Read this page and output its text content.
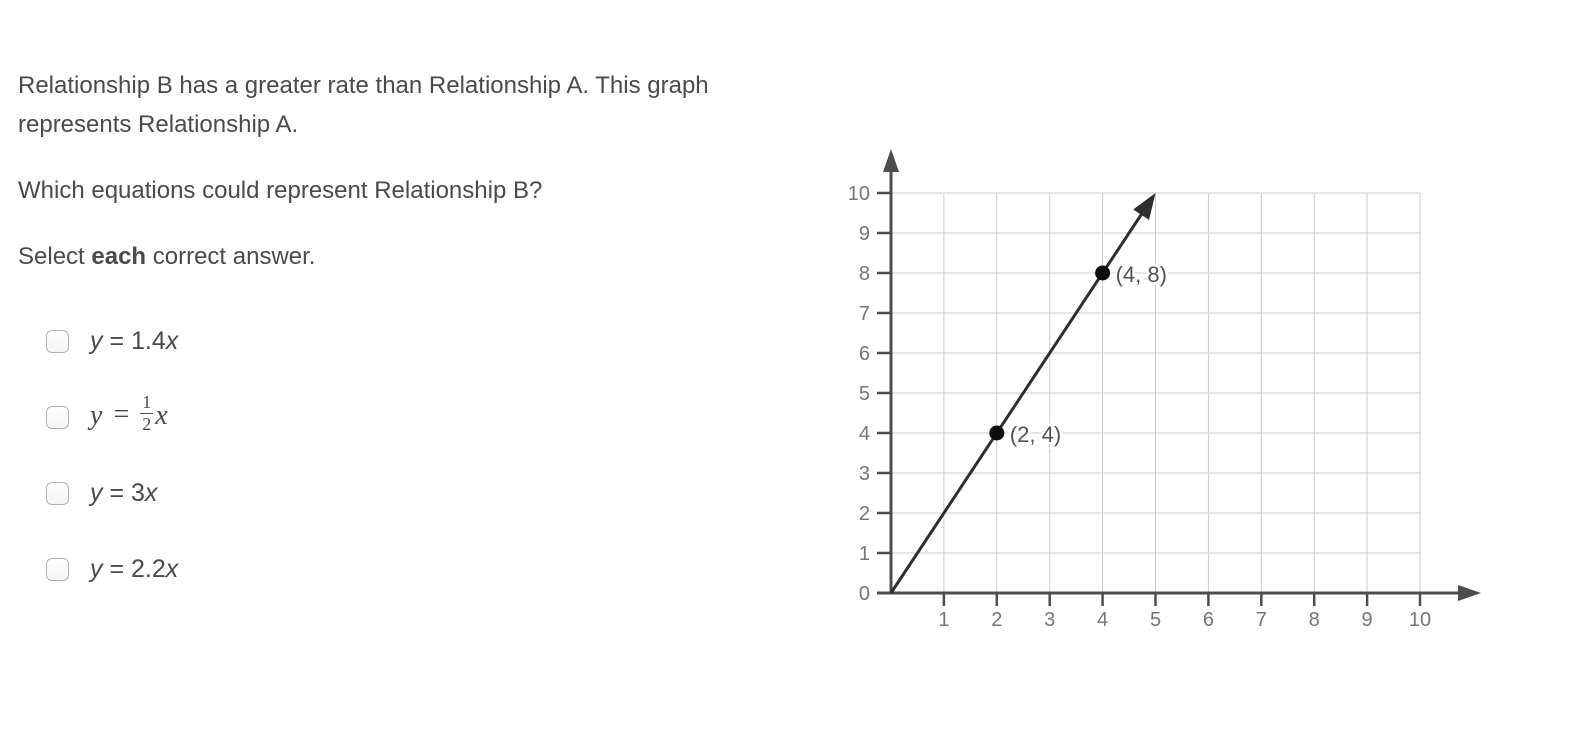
Relationship B has a greater rate than Relationship A. This graph represents Relationship A.

Which equations could represent Relationship B?

Select each correct answer.

y = 1.4x
$y = \frac{1}{2}$ x
y = 3x
y = 2.2x
0
1
2
3
4
5
6
7
8
9
10
1 2 3 4 5 6 7 8 9 10
(2, 4)
(4, 8)
